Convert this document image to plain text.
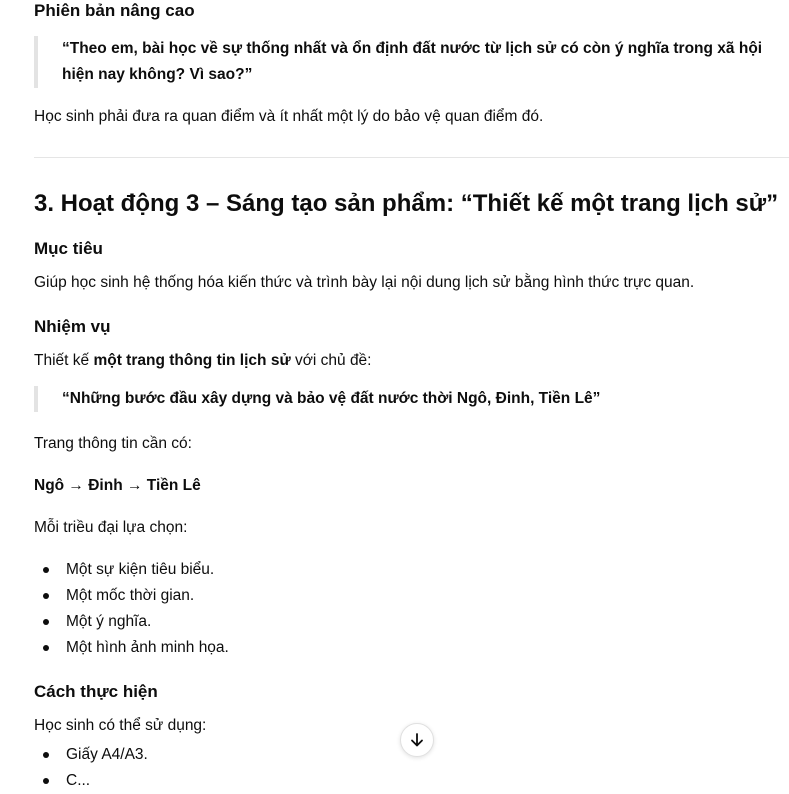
Phiên bản nâng cao
“Theo em, bài học về sự thống nhất và ổn định đất nước từ lịch sử có còn ý nghĩa trong xã hội hiện nay không? Vì sao?”

Học sinh phải đưa ra quan điểm và ít nhất một lý do bảo vệ quan điểm đó.

3. Hoạt động 3 – Sáng tạo sản phẩm: “Thiết kế một trang lịch sử”
Mục tiêu

Giúp học sinh hệ thống hóa kiến thức và trình bày lại nội dung lịch sử bằng hình thức trực quan.

Nhiệm vụ

Thiết kế một trang thông tin lịch sử với chủ đề:

“Những bước đầu xây dựng và bảo vệ đất nước thời Ngô, Đinh, Tiền Lê”

Trang thông tin cần có:

Ngô → Đinh → Tiền Lê

Mỗi triều đại lựa chọn:

Một sự kiện tiêu biểu.
Một mốc thời gian.
Một ý nghĩa.
Một hình ảnh minh họa.
Cách thực hiện

Học sinh có thể sử dụng:

Giấy A4/A3.
C...
